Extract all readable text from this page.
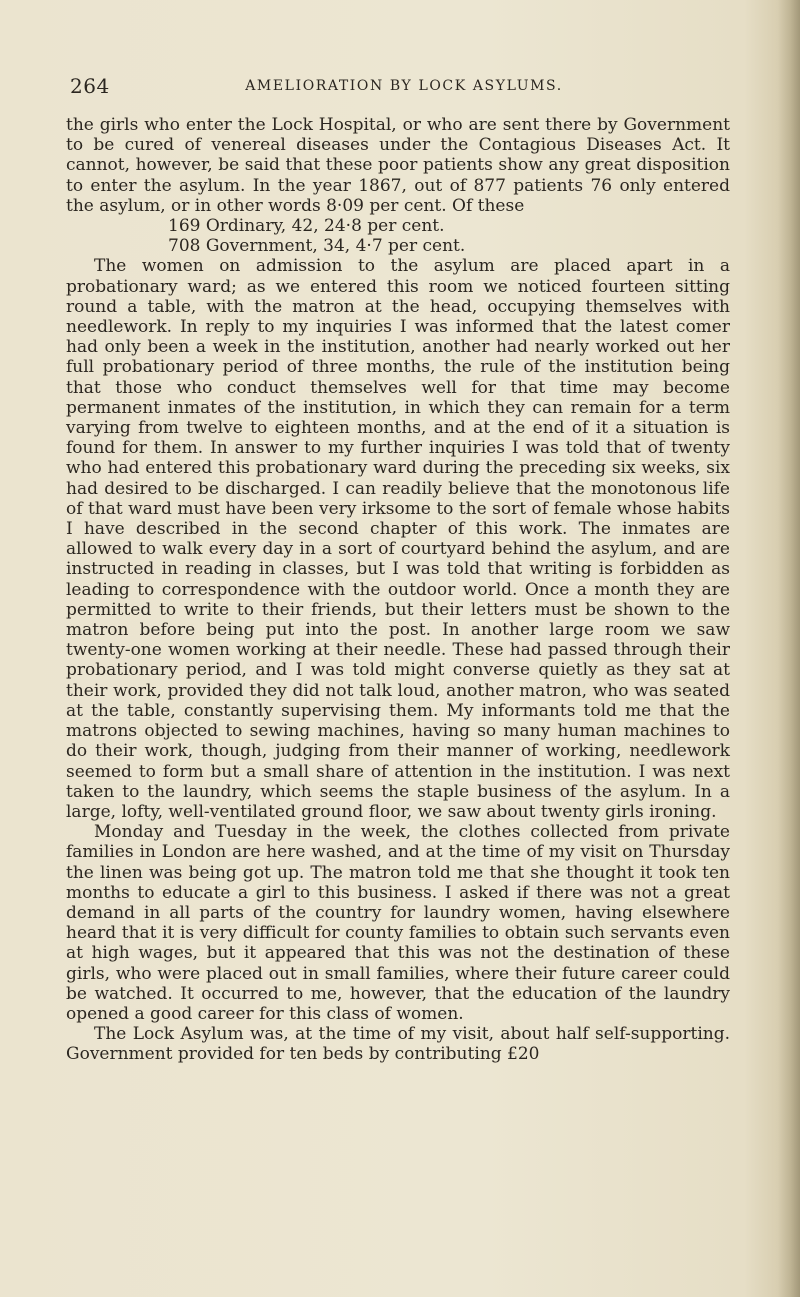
264	AMELIORATION BY LOCK ASYLUMS.

the girls who enter the Lock Hospital, or who are sent there by Government to be cured of venereal diseases under the Contagious Diseases Act. It cannot, however, be said that these poor patients show any great disposition to enter the asylum. In the year 1867, out of 877 patients 76 only entered the asylum, or in other words 8·09 per cent. Of these

169 Ordinary, 42, 24·8 per cent.

708 Government, 34, 4·7 per cent.

The women on admission to the asylum are placed apart in a probationary ward; as we entered this room we noticed fourteen sitting round a table, with the matron at the head, occupying themselves with needlework. In reply to my inquiries I was informed that the latest comer had only been a week in the institution, another had nearly worked out her full probationary period of three months, the rule of the institution being that those who conduct themselves well for that time may become permanent inmates of the institution, in which they can remain for a term varying from twelve to eighteen months, and at the end of it a situation is found for them. In answer to my further inquiries I was told that of twenty who had entered this probationary ward during the preceding six weeks, six had desired to be discharged. I can readily believe that the monotonous life of that ward must have been very irksome to the sort of female whose habits I have described in the second chapter of this work. The inmates are allowed to walk every day in a sort of courtyard behind the asylum, and are instructed in reading in classes, but I was told that writing is forbidden as leading to correspondence with the outdoor world. Once a month they are permitted to write to their friends, but their letters must be shown to the matron before being put into the post. In another large room we saw twenty-one women working at their needle. These had passed through their probationary period, and I was told might converse quietly as they sat at their work, provided they did not talk loud, another matron, who was seated at the table, constantly supervising them. My informants told me that the matrons objected to sewing machines, having so many human machines to do their work, though, judging from their manner of working, needlework seemed to form but a small share of attention in the institution. I was next taken to the laundry, which seems the staple business of the asylum. In a large, lofty, well-ventilated ground floor, we saw about twenty girls ironing.

Monday and Tuesday in the week, the clothes collected from private families in London are here washed, and at the time of my visit on Thursday the linen was being got up. The matron told me that she thought it took ten months to educate a girl to this business. I asked if there was not a great demand in all parts of the country for laundry women, having elsewhere heard that it is very difficult for county families to obtain such servants even at high wages, but it appeared that this was not the destination of these girls, who were placed out in small families, where their future career could be watched. It occurred to me, however, that the education of the laundry opened a good career for this class of women.

The Lock Asylum was, at the time of my visit, about half self-supporting. Government provided for ten beds by contributing £20
